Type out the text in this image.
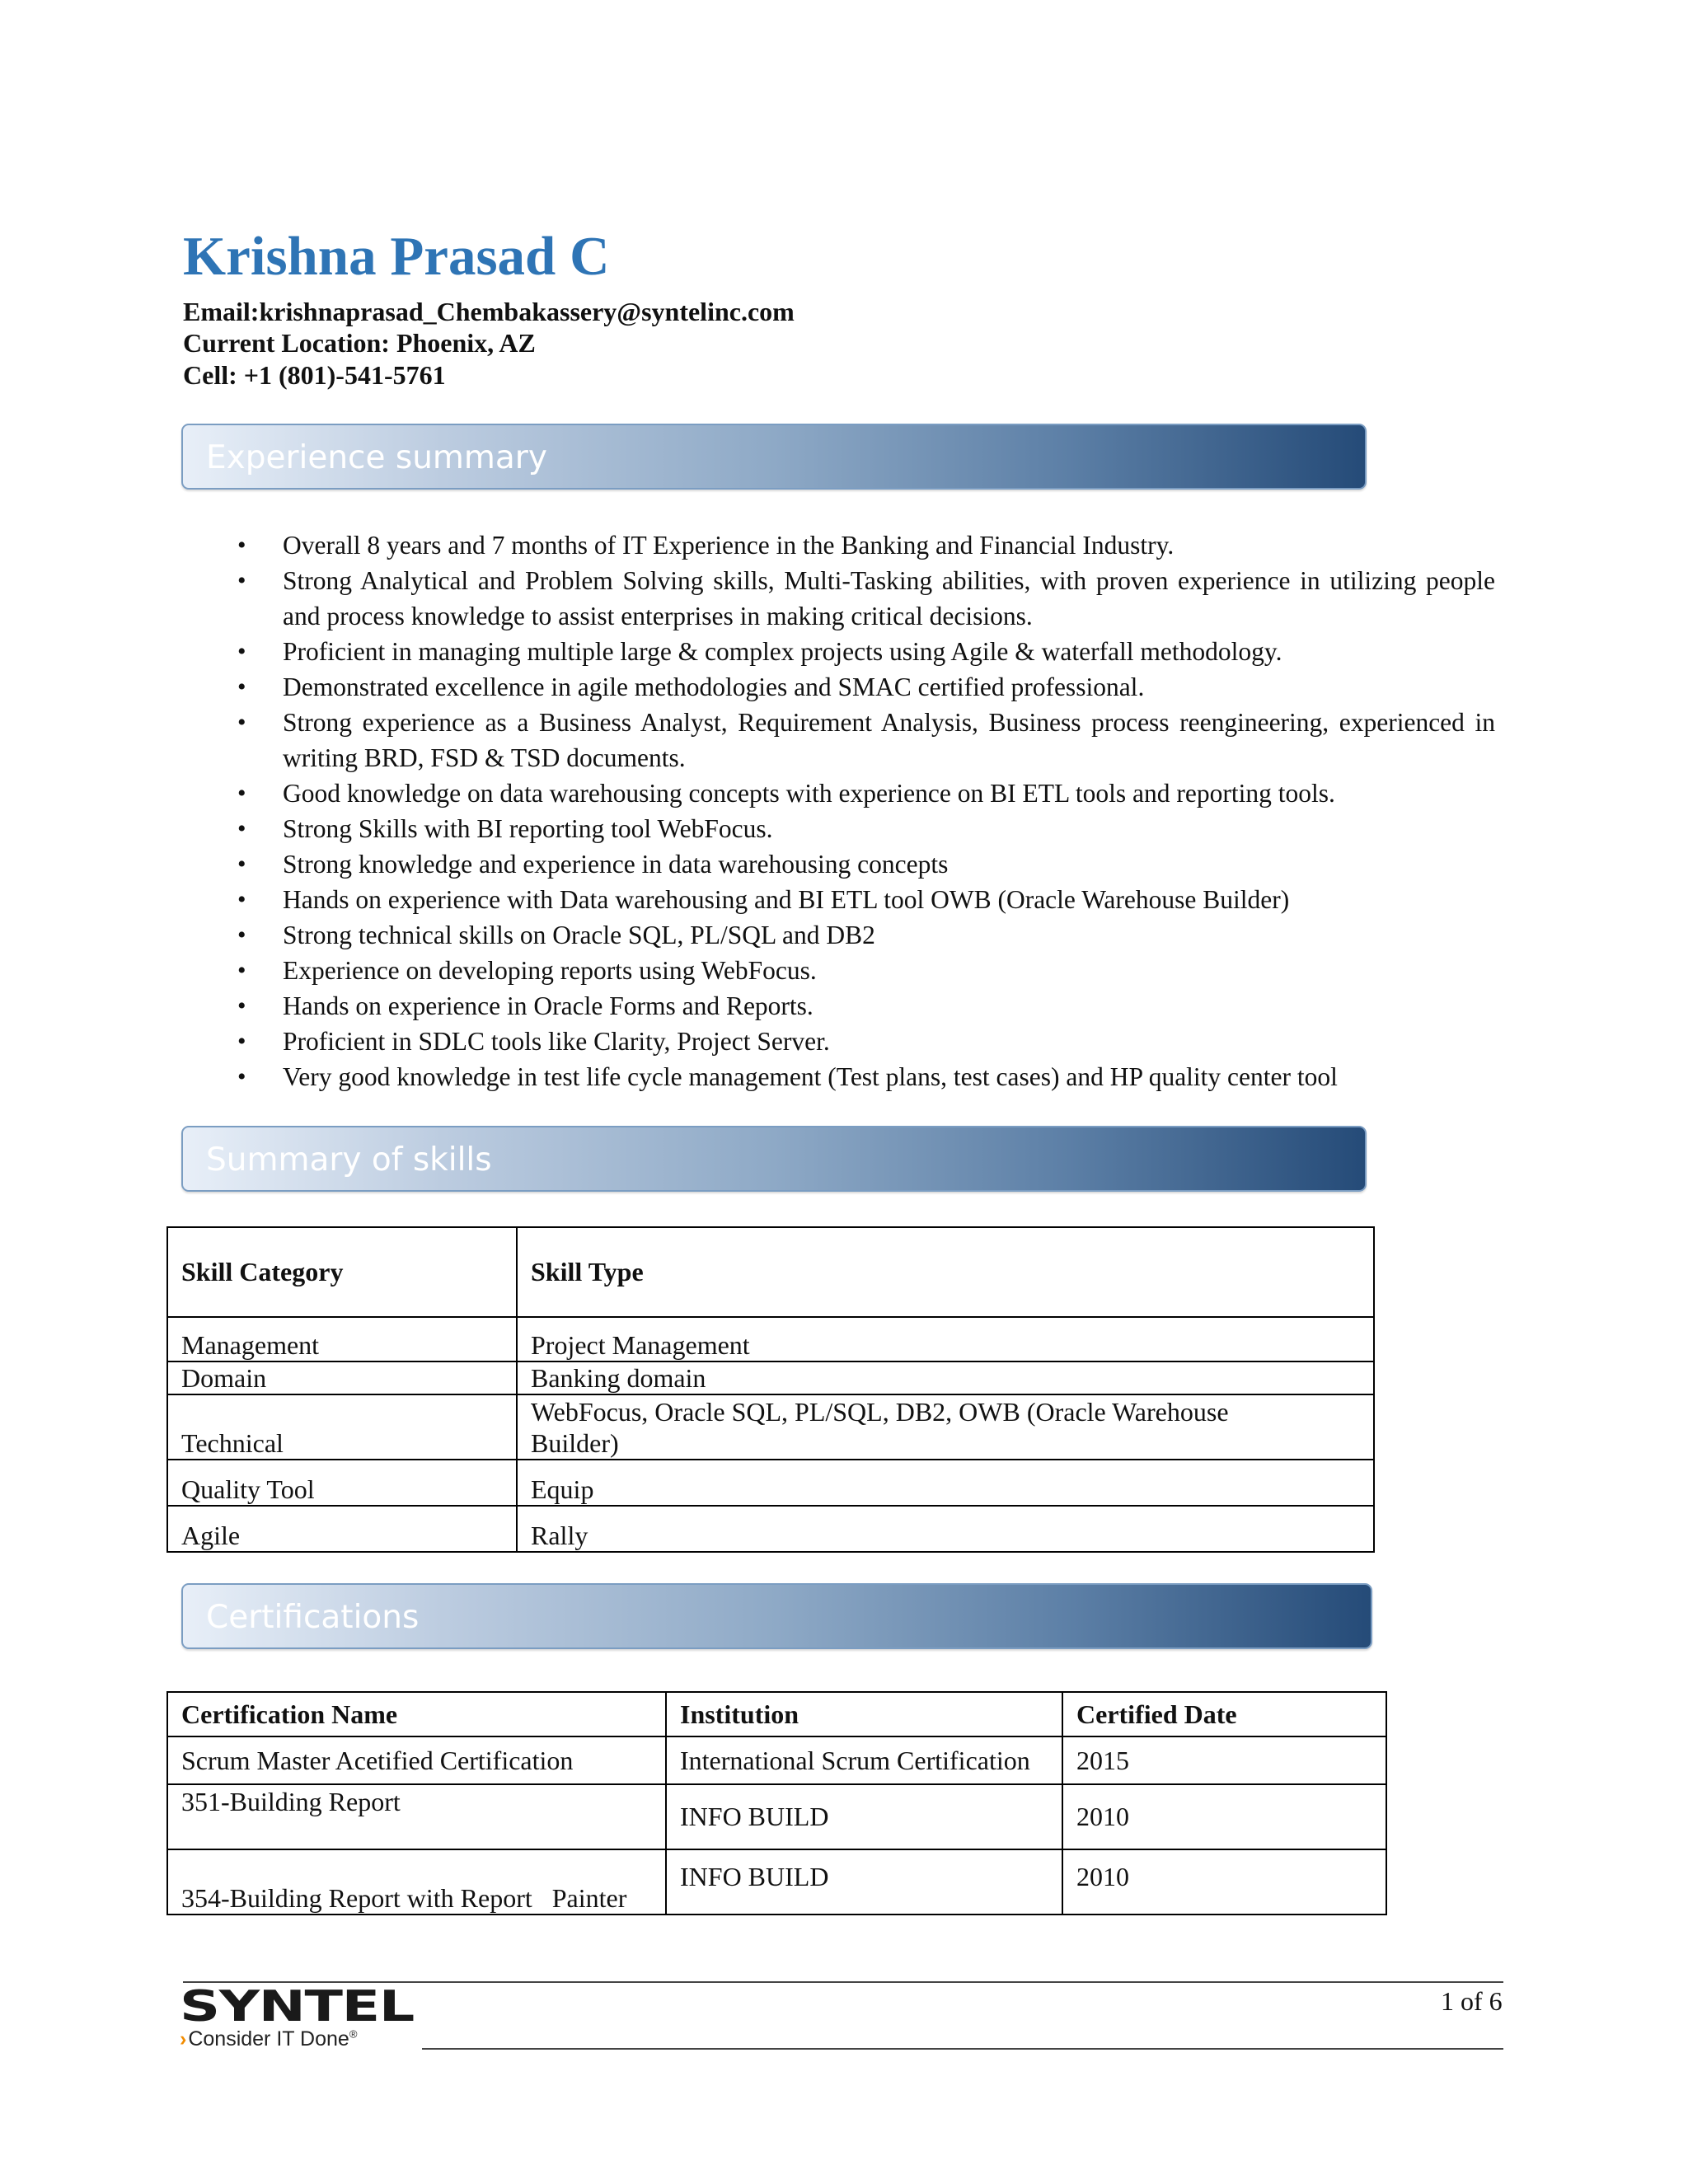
Krishna Prasad C
Email:krishnaprasad_Chembakassery@syntelinc.com
Current Location: Phoenix, AZ
Cell: +1 (801)-541-5761
Experience summary
• Overall 8 years and 7 months of IT Experience in the Banking and Financial Industry.
• Strong Analytical and Problem Solving skills, Multi-Tasking abilities, with proven experience in utilizing people and process knowledge to assist enterprises in making critical decisions.
• Proficient in managing multiple large & complex projects using Agile & waterfall methodology.
• Demonstrated excellence in agile methodologies and SMAC certified professional.
• Strong experience as a Business Analyst, Requirement Analysis, Business process reengineering, experienced in writing BRD, FSD & TSD documents.
• Good knowledge on data warehousing concepts with experience on BI ETL tools and reporting tools.
• Strong Skills with BI reporting tool WebFocus.
• Strong knowledge and experience in data warehousing concepts
• Hands on experience with Data warehousing and BI ETL tool OWB (Oracle Warehouse Builder)
• Strong technical skills on Oracle SQL, PL/SQL and DB2
• Experience on developing reports using WebFocus.
• Hands on experience in Oracle Forms and Reports.
• Proficient in SDLC tools like Clarity, Project Server.
• Very good knowledge in test life cycle management (Test plans, test cases) and HP quality center tool
Summary of skills
Skill Category	Skill Type
Management	Project Management
Domain	Banking domain
Technical	WebFocus, Oracle SQL, PL/SQL, DB2, OWB (Oracle Warehouse Builder)
Quality Tool	Equip
Agile	Rally
Certifications
Certification Name	Institution	Certified Date
Scrum Master Acetified Certification	International Scrum Certification	2015
351-Building Report	INFO BUILD	2010
354-Building Report with Report   Painter	INFO BUILD	2010
1 of 6
SYNTEL
›Consider IT Done®
